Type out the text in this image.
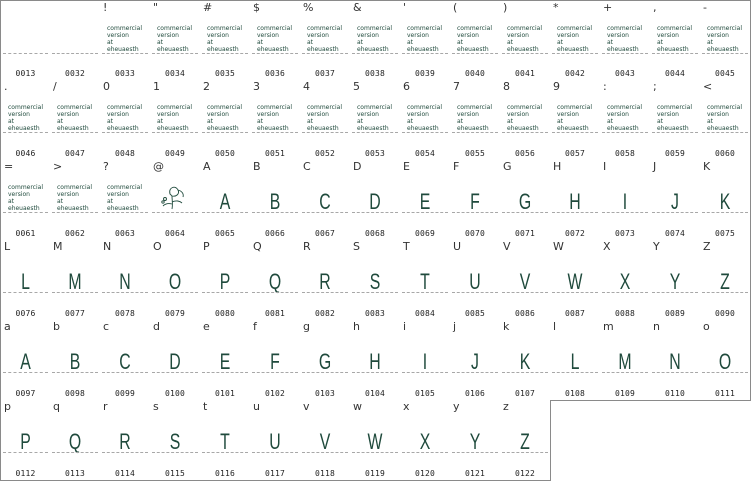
0013	0032
!
commercial
version
at
eheuaesth
0033
"
commercial
version
at
eheuaesth
0034
#
commercial
version
at
eheuaesth
0035
$
commercial
version
at
eheuaesth
0036
%
commercial
version
at
eheuaesth
0037
&
commercial
version
at
eheuaesth
0038
'
commercial
version
at
eheuaesth
0039
(
commercial
version
at
eheuaesth
0040
)
commercial
version
at
eheuaesth
0041
*
commercial
version
at
eheuaesth
0042
+
commercial
version
at
eheuaesth
0043
,
commercial
version
at
eheuaesth
0044
-
commercial
version
at
eheuaesth
0045
.
commercial
version
at
eheuaesth
0046
/
commercial
version
at
eheuaesth
0047
0
commercial
version
at
eheuaesth
0048
1
commercial
version
at
eheuaesth
0049
2
commercial
version
at
eheuaesth
0050
3
commercial
version
at
eheuaesth
0051
4
commercial
version
at
eheuaesth
0052
5
commercial
version
at
eheuaesth
0053
6
commercial
version
at
eheuaesth
0054
7
commercial
version
at
eheuaesth
0055
8
commercial
version
at
eheuaesth
0056
9
commercial
version
at
eheuaesth
0057
:
commercial
version
at
eheuaesth
0058
;
commercial
version
at
eheuaesth
0059
<
commercial
version
at
eheuaesth
0060
=
commercial
version
at
eheuaesth
0061
>
commercial
version
at
eheuaesth
0062
?
commercial
version
at
eheuaesth
0063
@
0064
A
A
0065
B
B
0066
C
C
0067
D
D
0068
E
E
0069
F
F
0070
G
G
0071
H
H
0072
I
I
0073
J
J
0074
K
K
0075
L
L
0076
M
M
0077
N
N
0078
O
O
0079
P
P
0080
Q
Q
0081
R
R
0082
S
S
0083
T
T
0084
U
U
0085
V
V
0086
W
W
0087
X
X
0088
Y
Y
0089
Z
Z
0090
a
A
0097
b
B
0098
c
C
0099
d
D
0100
e
E
0101
f
F
0102
g
G
0103
h
H
0104
i
I
0105
j
J
0106
k
K
0107
l
L
0108
m
M
0109
n
N
0110
o
O
0111
p
P
0112
q
Q
0113
r
R
0114
s
S
0115
t
T
0116
u
U
0117
v
V
0118
w
W
0119
x
X
0120
y
Y
0121
z
Z
0122
